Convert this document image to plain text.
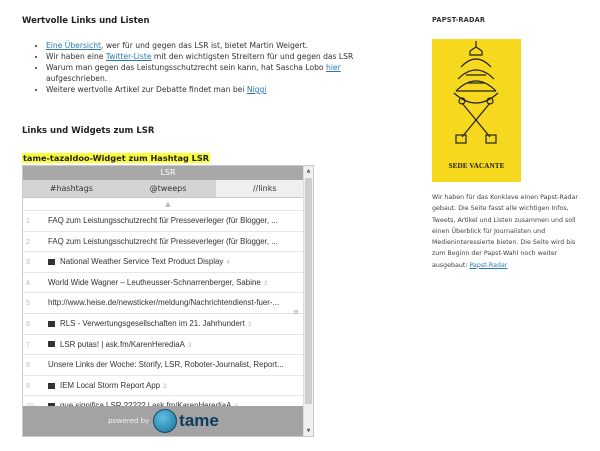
Wertvolle Links und Listen

• Eine Übersicht, wer für und gegen das LSR ist, bietet Martin Weigert.
• Wir haben eine Twitter-Liste mit den wichtigsten Streitern für und gegen das LSR
• Warum man gegen das Leistungsschutzrecht sein kann, hat Sascha Lobo hier aufgeschrieben.
• Weitere wertvolle Artikel zur Debatte findet man bei Niggi

Links und Widgets zum LSR

tame-tazaldoo-Widget zum Hashtag LSR

LSR
#hashtags	@tweeps	//links
▲
1 FAQ zum Leistungsschutzrecht für Presseverleger (für Blogger, ...
2 FAQ zum Leistungsschutzrecht für Presseverleger (für Blogger, ...
3	National Weather Service Text Product Display 4
4 World Wide Wagner – Leutheusser-Schnarrenberger, Sabine 3
5 http://www.heise.de/newsticker/meldung/Nachrichtendienst-fuer-...
6	RLS - Verwertungsgesellschaften im 21. Jahrhundert 3
7	LSR putas! | ask.fm/KarenHerediaA 3
8 Unsere Links der Woche: Storify, LSR, Roboter-Journalist, Report...
9	IEM Local Storm Report App 3
≡
powered by tame
▲
▼
PAPST-RADAR
SEDE VACANTE

Wir haben für das Konklave einen Papst-Radar gebaut. Die Seite fasst alle wichtigen Infos, Tweets, Artikel und Listen zusammen und soll einen Überblick für Journalisten und Medieninteressierte bieten. Die Seite wird bis zum Beginn der Papst-Wahl noch weiter ausgebaut: Papst-Radar
